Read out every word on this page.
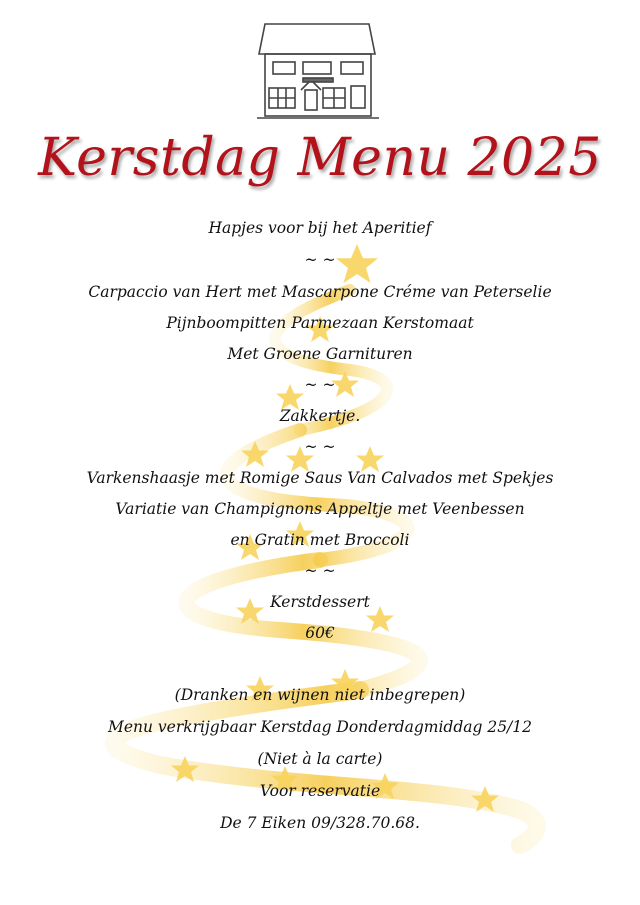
Kerstdag Menu 2025
Hapjes voor bij het Aperitief
~ ~
Carpaccio van Hert met Mascarpone Créme van Peterselie
Pijnboompitten Parmezaan Kerstomaat
Met Groene Garnituren
~ ~
Zakkertje.
~ ~
Varkenshaasje met Romige Saus Van Calvados met Spekjes
Variatie van Champignons Appeltje met Veenbessen
en Gratin met Broccoli
~ ~
Kerstdessert
60€
(Dranken en wijnen niet inbegrepen)
Menu verkrijgbaar Kerstdag Donderdagmiddag 25/12
(Niet à la carte)
Voor reservatie
De 7 Eiken 09/328.70.68.
